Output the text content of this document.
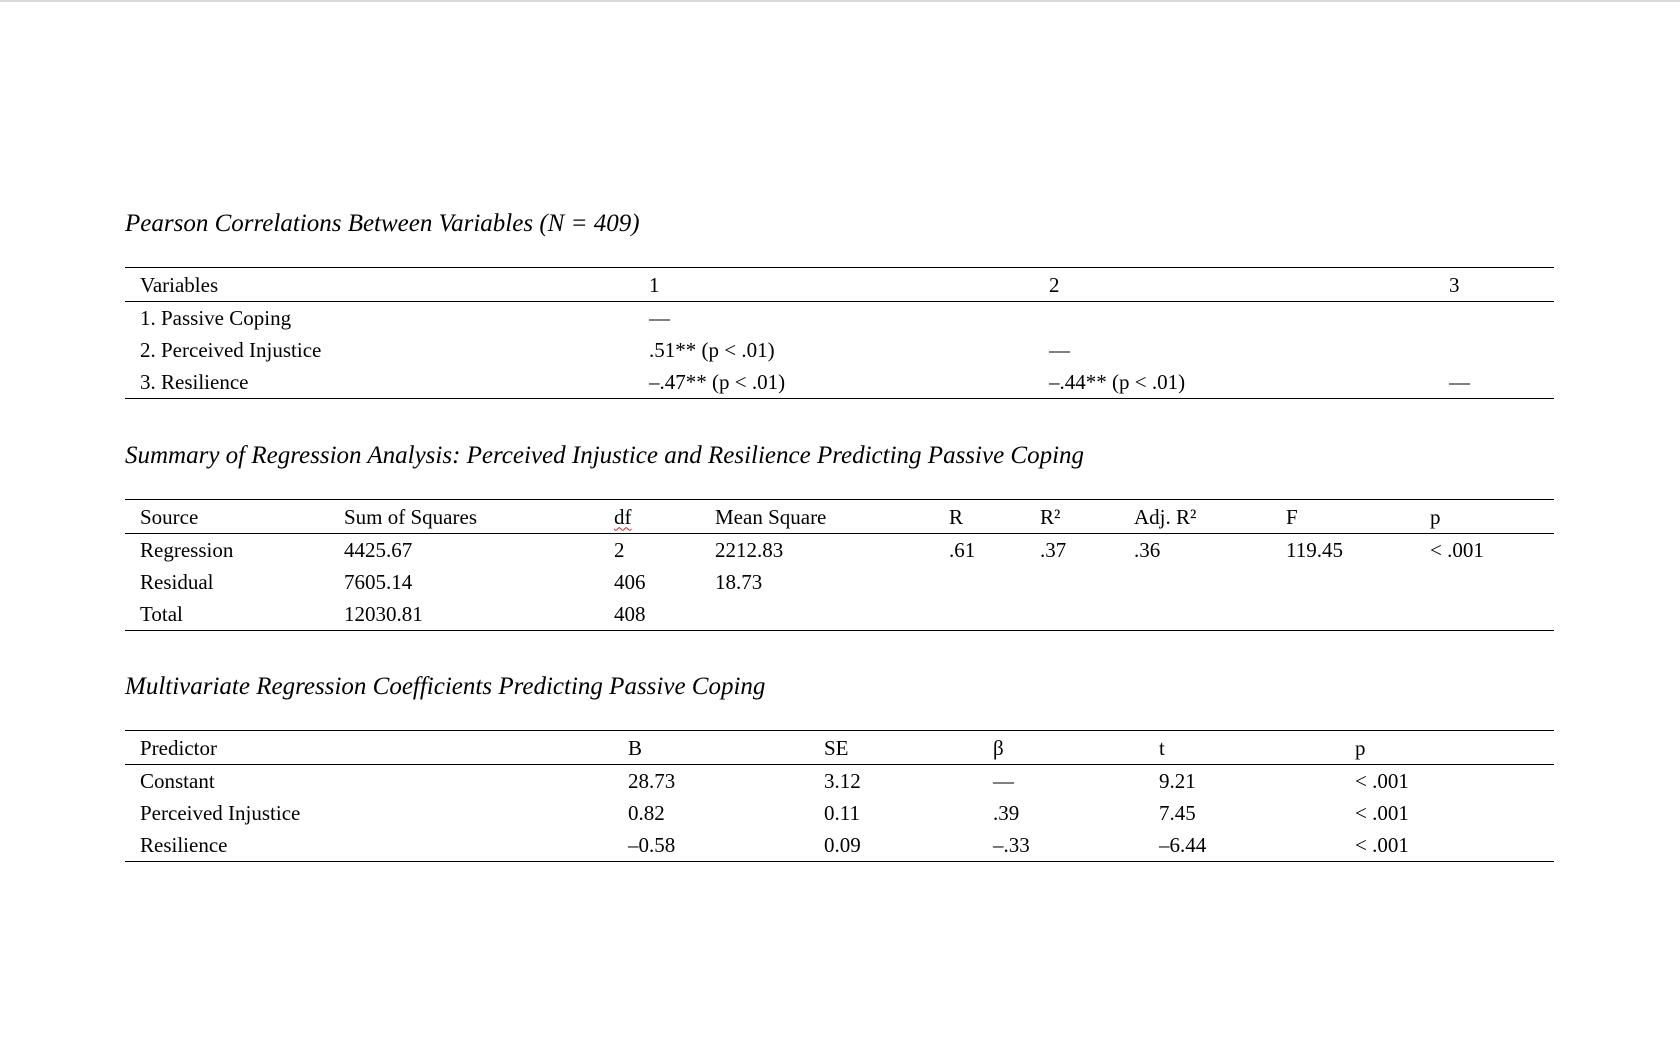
Pearson Correlations Between Variables (N = 409)
Variables	1	2	3
1. Passive Coping	—		
2. Perceived Injustice	.51** (p < .01)	—	
3. Resilience	–.47** (p < .01)	–.44** (p < .01)	—
Summary of Regression Analysis: Perceived Injustice and Resilience Predicting Passive Coping
Source	Sum of Squares	df	Mean Square	R	R²	Adj. R²	F	p
Regression	4425.67	2	2212.83	.61	.37	.36	119.45	< .001
Residual	7605.14	406	18.73					
Total	12030.81	408						
Multivariate Regression Coefficients Predicting Passive Coping
Predictor	B	SE	β	t	p
Constant	28.73	3.12	—	9.21	< .001
Perceived Injustice	0.82	0.11	.39	7.45	< .001
Resilience	–0.58	0.09	–.33	–6.44	< .001
